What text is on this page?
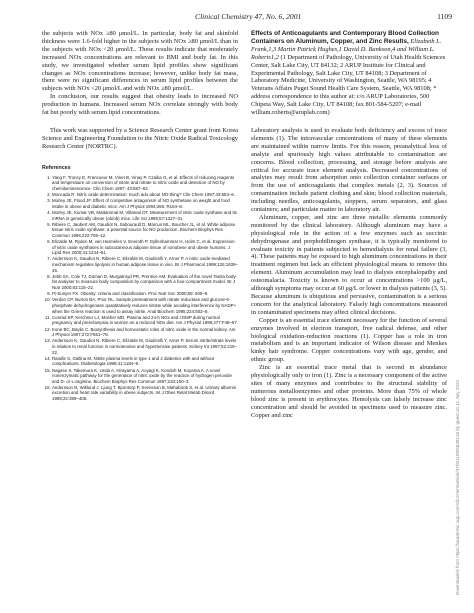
Clinical Chemistry 47, No. 6, 2001	1109

the subjects with NOx ≥80 μmol/L. In particular, body fat and skinfold thickness were 1.6-fold higher in the subjects with NOx ≥80 μmol/L than in the subjects with NOx <20 μmol/L. These results indicate that moderately increased NOx concentrations are relevant to BMI and body fat. In this study, we investigated whether serum lipid profiles show significant changes as NOx concentrations increase; however, unlike body fat mass, there were no significant differences in serum lipid profiles between the subjects with NOx <20 μmol/L and with NOx ≥80 μmol/L.

In conclusion, our results suggest that obesity leads to increased NO production in humans. Increased serum NOx correlate strongly with body fat but poorly with serum lipid concentrations.

This work was supported by a Science Research Center grant from Korea Science and Engineering Foundation to the Nitric Oxide Radical Toxicology Research Center (NORTRC).

References
1. Yang F, Troncy E, Francoeur M, Vinet B, Vinay P, Czaika G, et al. Effects of reducing reagents and temperature on conversion of nitrite and nitrate to nitric oxide and detection of NO by chemiluminescence. Clin Chem 1997; 43:657–62.
2. Moncada R. Nitric oxide determination: much ado about NO-thing? Clin Chem 1997;43:553–6.
3. Morley JE, Flood JF. Effect of competitive antagonism of NO synthetase on weight and food intake in obese and diabetic mice. Am J Physiol 1994;266: R164–8.
4. Morley JE, Kumar VB, Mattammal M, Villareal DT. Measurement of nitric oxide synthase and its mRNA in genetically obese (ob/ob) mice. Life Sci 1995;57:1327–31.
5. Ribiere C, Jaubert AM, Gaudiot N, Sabourault D, Marcus ML, Boucher JL, et al. White adipose tissue nitric oxide synthase: a potential source for NO production. Biochem Biophys Res Commun 1996;222:706–12.
6. Elizalde M, Ryden M, van Harmelen V, Eneroth P, Gyllenhammar H, Holm C, et al. Expression of nitric oxide synthases in subcutaneous adipose tissue of nonobese and obese humans. J Lipid Res 2000;41:1244–51.
7. Andersson K, Gaudiot N, Ribiere C, Elizalde M, Giudicelli Y, Arner P. A nitric oxide-mediated mechanism regulates lipolysis in human adipose tissue in vivo. Br J Pharmacol 1999;126:1639–45.
8. Jebb SA, Cole TJ, Doman D, Murgatroyd PR, Prentice AM. Evaluation of the novel Tanita body-fat analyser to measure body composition by comparison with a four-compartment model. Br J Nutr 2000;83:115–22.
9. Pi-Sunyer FX. Obesity: criteria and classification. Proc Nutr Soc 2000;59: 505–9.
10. Verdon CP, Burton BA, Prior RL. Sample pretreatment with nitrate reductase and glucose-6-phosphate dehydrogenase quantitatively reduces nitrate while avoiding interference by NADP+ when the Griess reaction is used to assay nitrite. Anal Biochem 1995;224:502–8.
11. Conrad KP, Kerchner LJ, Mosher MD. Plasma and 24-h NOx and cGMP during normal pregnancy and preeclampsia in women on a reduced NOx diet. Am J Physiol 1999;277:F48–57.
12. Kone BC, Baylis C. Biosynthesis and homeostatic roles of nitric oxide in the normal kidney. Am J Physiol 1997;272:F561–78.
13. Andersson K, Gaudiot N, Ribiere C, Elizalde M, Giudicelli Y, Arner P. Serum nitrite/nitrate levels in relation to renal function in normotensive and hypertensive patients. Kidney Int 1997;52:215–22.
14. Randle S, Gallina M. Nitrite plasma levels in type 1 and 2 diabetics with and without complications. Diabetologia 1998;41:1184–9.
15. Nagase S, Takemura K, Ueda A, Hirayama A, Aoyagi K, Kondoh M, Koyama A. A novel nonenzymatic pathway for the generation of nitric oxide by the reaction of hydrogen peroxide and D- or L-arginine. Biochem Biophys Res Commun 1997;233:150–3.
16. Andersson B, Wiklund J, Ljung T, Bjorntorp P, Svensson B, Mahaboob S, et al. Urinary albumin excretion and heart rate variability in obese subjects. Int J Obes Relat Metab Disord 1998;22:399–405.
Effects of Anticoagulants and Contemporary Blood Collection Containers on Aluminum, Copper, and Zinc Results, Elizabeth L. Frank,1,3 Martin Patrick Hughes,1 David D. Bankson,4 and William L. Roberts1,2 (1 Department of Pathology, University of Utah Health Sciences Center, Salt Lake City, UT 84132; 2 ARUP Institute for Clinical and Experimental Pathology, Salt Lake City, UT 84108; 3 Department of Laboratory Medicine, University of Washington, Seattle, WA 98195; 4 Veterans Affairs Puget Sound Health Care System, Seattle, WA 98108; * address correspondence to this author at: c/o ARUP Laboratories, 500 Chipeta Way, Salt Lake City, UT 84108; fax 801-584-5207; e-mail william.roberts@aruplab.com)

Laboratory analysis is used to evaluate both deficiency and excess of trace elements (1). The intravascular concentrations of many of these elements are maintained within narrow limits. For this reason, preanalytical loss of analyte and spuriously high values attributable to contamination are concerns. Blood collection, processing, and storage before analysis are critical for accurate trace element analysis. Decreased concentrations of analytes may result from adsorption onto collection container surfaces or from the use of anticoagulants that complex metals (2, 3). Sources of contamination include patient clothing and skin; blood collection materials, including needles, anticoagulants, stoppers, serum separators, and glass containers; and particulate matter in laboratory air.

Aluminum, copper, and zinc are three metallic elements commonly monitored by the clinical laboratory. Although aluminum may have a physiological role in the action of a few enzymes such as succinic dehydrogenase and porphobilinogen synthase, it is typically monitored to evaluate toxicity in patients subjected to hemodialysis for renal failure (3, 4). These patients may be exposed to high aluminum concentrations in their treatment regimen but lack an efficient physiological means to remove this element. Aluminum accumulation may lead to dialysis encephalopathy and osteomalacia. Toxicity is known to occur at concentrations >100 μg/L, although symptoms may occur at 60 μg/L or lower in dialysis patients (3, 5). Because aluminum is ubiquitous and pervasive, contamination is a serious concern for the analytical laboratory. Falsely high concentrations measured in contaminated specimens may affect clinical decisions.

Copper is an essential trace element necessary for the function of several enzymes involved in electron transport, free radical defense, and other biological oxidation-reduction reactions (1). Copper has a role in iron metabolism and is an important indicator of Wilson disease and Menkes kinky hair syndrome. Copper concentrations vary with age, gender, and ethnic group.

Zinc is an essential trace metal that is second in abundance physiologically only to iron (1). Zinc is a necessary component of the active sites of many enzymes and contributes to the structural stability of numerous metalloenzymes and other proteins. More than 75% of whole blood zinc is present in erythrocytes. Hemolysis can falsely increase zinc concentration and should be avoided in specimens used to measure zinc. Copper and zinc	Downloaded from https://academic.oup.com/clinchem/article/47/6/1109/5639216 by guest on 11 July 2022
